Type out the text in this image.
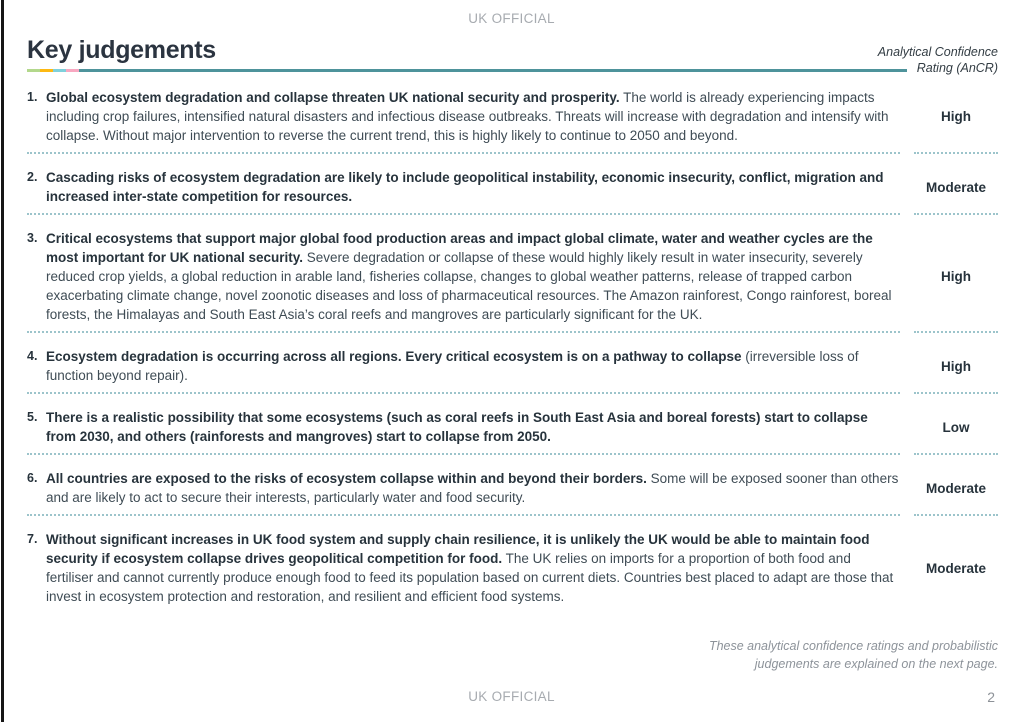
UK OFFICIAL
Key judgements	Analytical Confidence
Rating (AnCR)
1. Global ecosystem degradation and collapse threaten UK national security and prosperity. The world is already experiencing impacts including crop failures, intensified natural disasters and infectious disease outbreaks. Threats will increase with degradation and intensify with collapse. Without major intervention to reverse the current trend, this is highly likely to continue to 2050 and beyond.
High
2. Cascading risks of ecosystem degradation are likely to include geopolitical instability, economic insecurity, conflict, migration and increased inter-state competition for resources.
Moderate
3. Critical ecosystems that support major global food production areas and impact global climate, water and weather cycles are the most important for UK national security. Severe degradation or collapse of these would highly likely result in water insecurity, severely reduced crop yields, a global reduction in arable land, fisheries collapse, changes to global weather patterns, release of trapped carbon exacerbating climate change, novel zoonotic diseases and loss of pharmaceutical resources. The Amazon rainforest, Congo rainforest, boreal forests, the Himalayas and South East Asia’s coral reefs and mangroves are particularly significant for the UK.
High
4. Ecosystem degradation is occurring across all regions. Every critical ecosystem is on a pathway to collapse (irreversible loss of function beyond repair).
High
5. There is a realistic possibility that some ecosystems (such as coral reefs in South East Asia and boreal forests) start to collapse from 2030, and others (rainforests and mangroves) start to collapse from 2050.
Low
6. All countries are exposed to the risks of ecosystem collapse within and beyond their borders. Some will be exposed sooner than others and are likely to act to secure their interests, particularly water and food security.
Moderate
7. Without significant increases in UK food system and supply chain resilience, it is unlikely the UK would be able to maintain food security if ecosystem collapse drives geopolitical competition for food. The UK relies on imports for a proportion of both food and fertiliser and cannot currently produce enough food to feed its population based on current diets. Countries best placed to adapt are those that invest in ecosystem protection and restoration, and resilient and efficient food systems.
Moderate
These analytical confidence ratings and probabilistic judgements are explained on the next page.
UK OFFICIAL	2
